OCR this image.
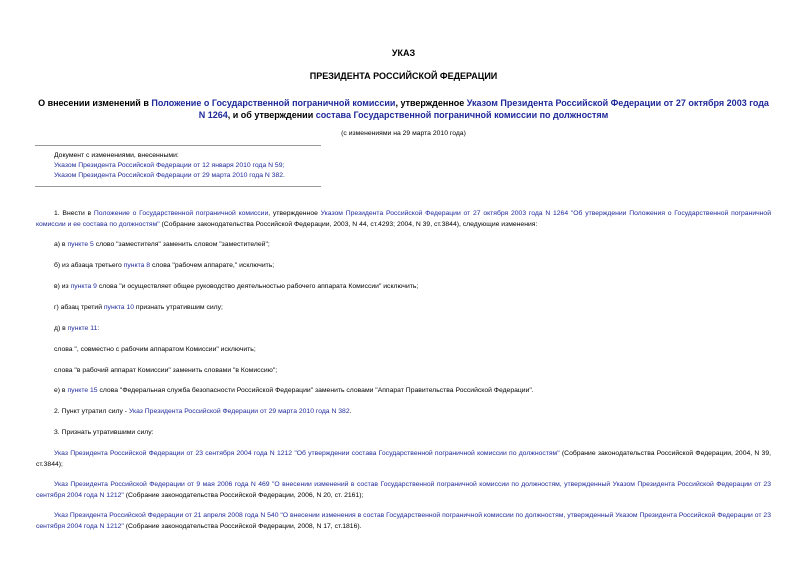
УКАЗ
ПРЕЗИДЕНТА РОССИЙСКОЙ ФЕДЕРАЦИИ
О внесении изменений в Положение о Государственной пограничной комиссии, утвержденное Указом Президента Российской Федерации от 27 октября 2003 года N 1264, и об утверждении состава Государственной пограничной комиссии по должностям
(с изменениями на 29 марта 2010 года)
Документ с изменениями, внесенными:
Указом Президента Российской Федерации от 12 января 2010 года N 59;
Указом Президента Российской Федерации от 29 марта 2010 года N 382.
1. Внести в Положение о Государственной пограничной комиссии, утвержденное Указом Президента Российской Федерации от 27 октября 2003 года N 1264 "Об утверждении Положения о Государственной пограничной комиссии и ее состава по должностям" (Собрание законодательства Российской Федерации, 2003, N 44, ст.4293; 2004, N 39, ст.3844), следующие изменения:
а) в пункте 5 слово "заместителя" заменить словом "заместителей";
б) из абзаца третьего пункта 8 слова "рабочем аппарате," исключить;
в) из пункта 9 слова "и осуществляет общее руководство деятельностью рабочего аппарата Комиссии" исключить;
г) абзац третий пункта 10 признать утратившим силу;
д) в пункте 11:
слова ", совместно с рабочим аппаратом Комиссии" исключить;
слова "в рабочий аппарат Комиссии" заменить словами "в Комиссию";
е) в пункте 15 слова "Федеральная служба безопасности Российской Федерации" заменить словами "Аппарат Правительства Российской Федерации".
2. Пункт утратил силу - Указ Президента Российской Федерации от 29 марта 2010 года N 382.
3. Признать утратившими силу:
Указ Президента Российской Федерации от 23 сентября 2004 года N 1212 "Об утверждении состава Государственной пограничной комиссии по должностям" (Собрание законодательства Российской Федерации, 2004, N 39, ст.3844);
Указ Президента Российской Федерации от 9 мая 2006 года N 469 "О внесении изменений в состав Государственной пограничной комиссии по должностям, утвержденный Указом Президента Российской Федерации от 23 сентября 2004 года N 1212" (Собрание законодательства Российской Федерации, 2006, N 20, ст. 2161);
Указ Президента Российской Федерации от 21 апреля 2008 года N 540 "О внесении изменения в состав Государственной пограничной комиссии по должностям, утвержденный Указом Президента Российской Федерации от 23 сентября 2004 года N 1212" (Собрание законодательства Российской Федерации, 2008, N 17, ст.1816).
